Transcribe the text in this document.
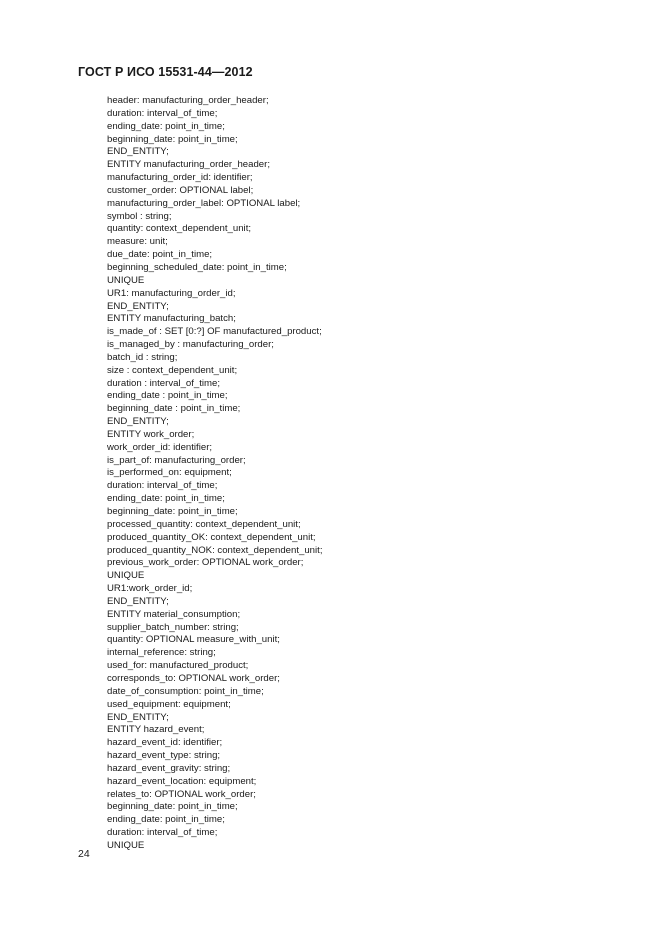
ГОСТ Р ИСО 15531-44—2012
header: manufacturing_order_header;
duration: interval_of_time;
ending_date: point_in_time;
beginning_date: point_in_time;
END_ENTITY;
ENTITY manufacturing_order_header;
manufacturing_order_id: identifier;
customer_order: OPTIONAL label;
manufacturing_order_label: OPTIONAL label;
symbol : string;
quantity: context_dependent_unit;
measure: unit;
due_date: point_in_time;
beginning_scheduled_date: point_in_time;
UNIQUE
UR1: manufacturing_order_id;
END_ENTITY;
ENTITY manufacturing_batch;
is_made_of : SET [0:?] OF manufactured_product;
is_managed_by : manufacturing_order;
batch_id : string;
size : context_dependent_unit;
duration : interval_of_time;
ending_date : point_in_time;
beginning_date : point_in_time;
END_ENTITY;
ENTITY work_order;
work_order_id: identifier;
is_part_of: manufacturing_order;
is_performed_on: equipment;
duration: interval_of_time;
ending_date: point_in_time;
beginning_date: point_in_time;
processed_quantity: context_dependent_unit;
produced_quantity_OK: context_dependent_unit;
produced_quantity_NOK: context_dependent_unit;
previous_work_order: OPTIONAL work_order;
UNIQUE
UR1:work_order_id;
END_ENTITY;
ENTITY material_consumption;
supplier_batch_number: string;
quantity: OPTIONAL measure_with_unit;
internal_reference: string;
used_for: manufactured_product;
corresponds_to: OPTIONAL work_order;
date_of_consumption: point_in_time;
used_equipment: equipment;
END_ENTITY;
ENTITY hazard_event;
hazard_event_id: identifier;
hazard_event_type: string;
hazard_event_gravity: string;
hazard_event_location: equipment;
relates_to: OPTIONAL work_order;
beginning_date: point_in_time;
ending_date: point_in_time;
duration: interval_of_time;
UNIQUE
24
